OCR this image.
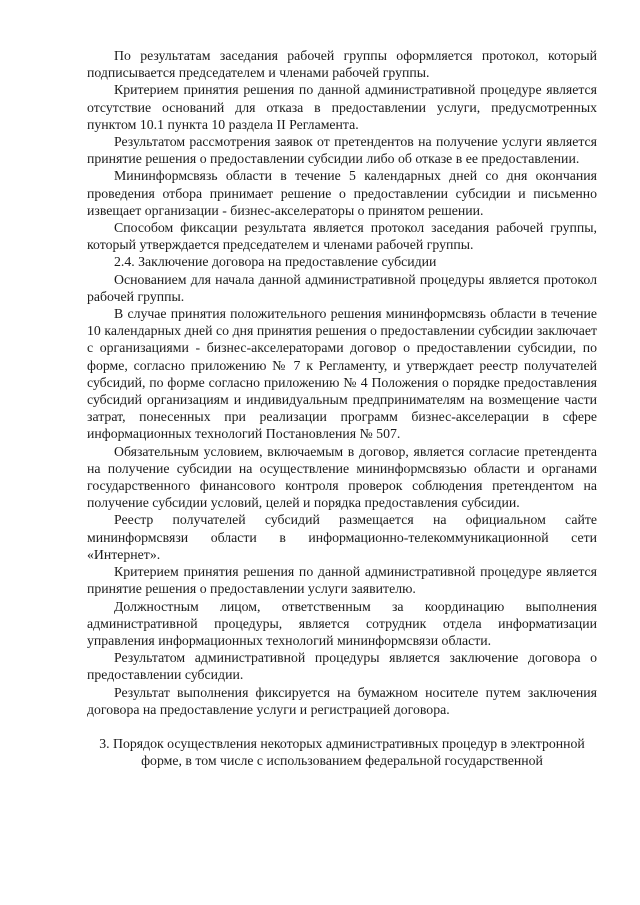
По результатам заседания рабочей группы оформляется протокол, который подписывается председателем и членами рабочей группы.

Критерием принятия решения по данной административной процедуре является отсутствие оснований для отказа в предоставлении услуги, предусмотренных пунктом 10.1 пункта 10 раздела II Регламента.

Результатом рассмотрения заявок от претендентов на получение услуги является принятие решения о предоставлении субсидии либо об отказе в ее предоставлении.

Мининформсвязь области в течение 5 календарных дней со дня окончания проведения отбора принимает решение о предоставлении субсидии и письменно извещает организации - бизнес-акселераторы о принятом решении.

Способом фиксации результата является протокол заседания рабочей группы, который утверждается председателем и членами рабочей группы.

2.4. Заключение договора на предоставление субсидии

Основанием для начала данной административной процедуры является протокол рабочей группы.

В случае принятия положительного решения мининформсвязь области в течение 10 календарных дней со дня принятия решения о предоставлении субсидии заключает с организациями - бизнес-акселераторами договор о предоставлении субсидии, по форме, согласно приложению № 7 к Регламенту, и утверждает реестр получателей субсидий, по форме согласно приложению № 4 Положения о порядке предоставления субсидий организациям и индивидуальным предпринимателям на возмещение части затрат, понесенных при реализации программ бизнес-акселерации в сфере информационных технологий Постановления № 507.

Обязательным условием, включаемым в договор, является согласие претендента на получение субсидии на осуществление мининформсвязью области и органами государственного финансового контроля проверок соблюдения претендентом на получение субсидии условий, целей и порядка предоставления субсидии.

Реестр получателей субсидий размещается на официальном сайте мининформсвязи области в информационно-телекоммуникационной сети «Интернет».

Критерием принятия решения по данной административной процедуре является принятие решения о предоставлении услуги заявителю.

Должностным лицом, ответственным за координацию выполнения административной процедуры, является сотрудник отдела информатизации управления информационных технологий мининформсвязи области.

Результатом административной процедуры является заключение договора о предоставлении субсидии.

Результат выполнения фиксируется на бумажном носителе путем заключения договора на предоставление услуги и регистрацией договора.

3. Порядок осуществления некоторых административных процедур в электронной форме, в том числе с использованием федеральной государственной
